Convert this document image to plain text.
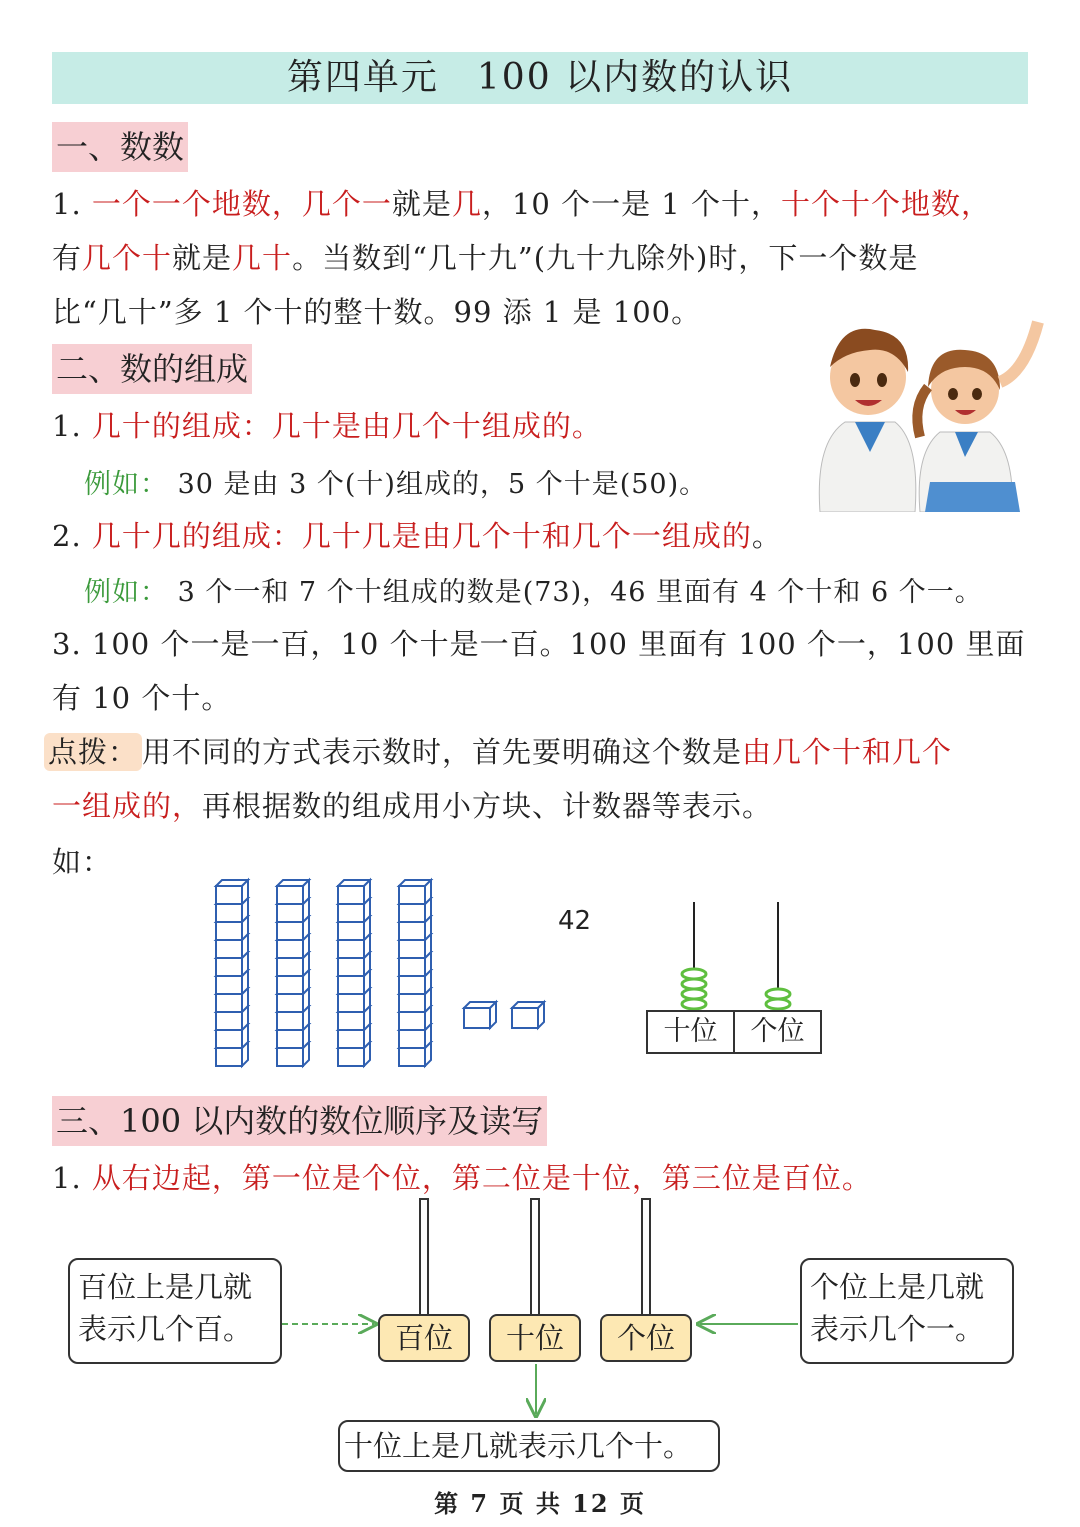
第四单元　100 以内数的认识
一、数数
1. 一个一个地数，几个一就是几，10 个一是 1 个十，十个十个地数，
有几个十就是几十。当数到“几十九”(九十九除外)时，下一个数是
比“几十”多 1 个十的整十数。99 添 1 是 100。
二、数的组成
1. 几十的组成：几十是由几个十组成的。
例如： 30 是由 3 个(十)组成的，5 个十是(50)。
2. 几十几的组成：几十几是由几个十和几个一组成的。
例如： 3 个一和 7 个十组成的数是(73)，46 里面有 4 个十和 6 个一。
3. 100 个一是一百，10 个十是一百。100 里面有 100 个一，100 里面
有 10 个十。
点拨： 用不同的方式表示数时，首先要明确这个数是由几个十和几个
一组成的，再根据数的组成用小方块、计数器等表示。
如：
42
十位	个位
三、100 以内数的数位顺序及读写
1. 从右边起，第一位是个位，第二位是十位，第三位是百位。
百位	十位	个位
百位上是几就
表示几个百。
个位上是几就
表示几个一。
十位上是几就表示几个十。
第 7 页 共 12 页
